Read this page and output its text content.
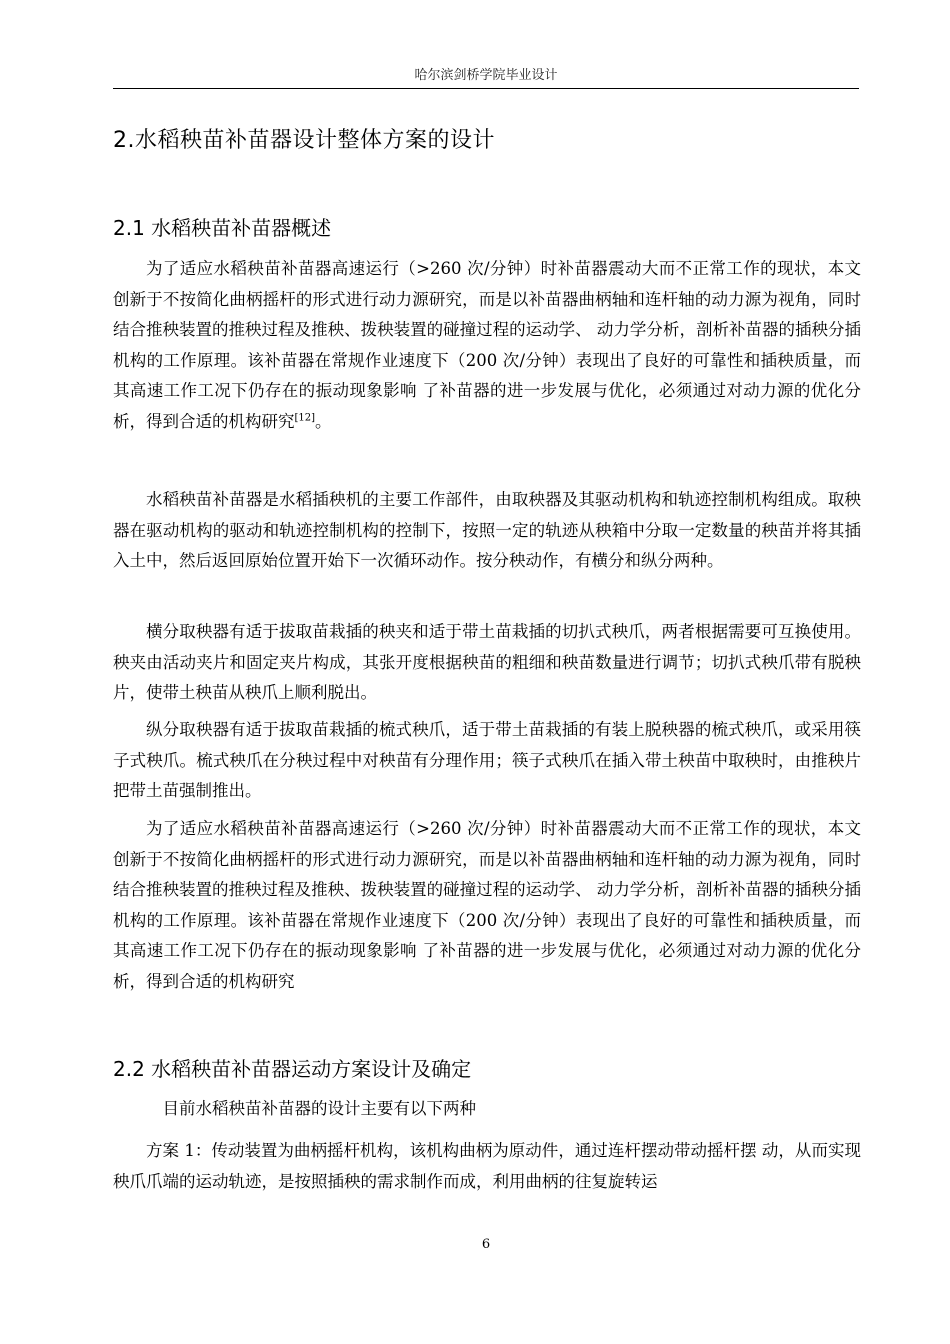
哈尔滨剑桥学院毕业设计
2.水稻秧苗补苗器设计整体方案的设计
2.1 水稻秧苗补苗器概述

为了适应水稻秧苗补苗器高速运行（>260 次/分钟）时补苗器震动大而不正常工作的现状，本文创新于不按简化曲柄摇杆的形式进行动力源研究，而是以补苗器曲柄轴和连杆轴的动力源为视角，同时结合推秧装置的推秧过程及推秧、拨秧装置的碰撞过程的运动学、 动力学分析，剖析补苗器的插秧分插机构的工作原理。该补苗器在常规作业速度下（200 次/分钟）表现出了良好的可靠性和插秧质量，而其高速工作工况下仍存在的振动现象影响 了补苗器的进一步发展与优化，必须通过对动力源的优化分析，得到合适的机构研究[12]。

水稻秧苗补苗器是水稻插秧机的主要工作部件，由取秧器及其驱动机构和轨迹控制机构组成。取秧器在驱动机构的驱动和轨迹控制机构的控制下，按照一定的轨迹从秧箱中分取一定数量的秧苗并将其插入土中，然后返回原始位置开始下一次循环动作。按分秧动作，有横分和纵分两种。

横分取秧器有适于拔取苗栽插的秧夹和适于带土苗栽插的切扒式秧爪，两者根据需要可互换使用。秧夹由活动夹片和固定夹片构成，其张开度根据秧苗的粗细和秧苗数量进行调节；切扒式秧爪带有脱秧片，使带土秧苗从秧爪上顺利脱出。

纵分取秧器有适于拔取苗栽插的梳式秧爪，适于带土苗栽插的有装上脱秧器的梳式秧爪，或采用筷子式秧爪。梳式秧爪在分秧过程中对秧苗有分理作用；筷子式秧爪在插入带土秧苗中取秧时，由推秧片把带土苗强制推出。

为了适应水稻秧苗补苗器高速运行（>260 次/分钟）时补苗器震动大而不正常工作的现状，本文创新于不按简化曲柄摇杆的形式进行动力源研究，而是以补苗器曲柄轴和连杆轴的动力源为视角，同时结合推秧装置的推秧过程及推秧、拨秧装置的碰撞过程的运动学、 动力学分析，剖析补苗器的插秧分插机构的工作原理。该补苗器在常规作业速度下（200 次/分钟）表现出了良好的可靠性和插秧质量，而其高速工作工况下仍存在的振动现象影响 了补苗器的进一步发展与优化，必须通过对动力源的优化分析，得到合适的机构研究

2.2 水稻秧苗补苗器运动方案设计及确定

目前水稻秧苗补苗器的设计主要有以下两种

方案 1：传动装置为曲柄摇杆机构，该机构曲柄为原动件，通过连杆摆动带动摇杆摆 动，从而实现秧爪爪端的运动轨迹，是按照插秧的需求制作而成，利用曲柄的往复旋转运

6
